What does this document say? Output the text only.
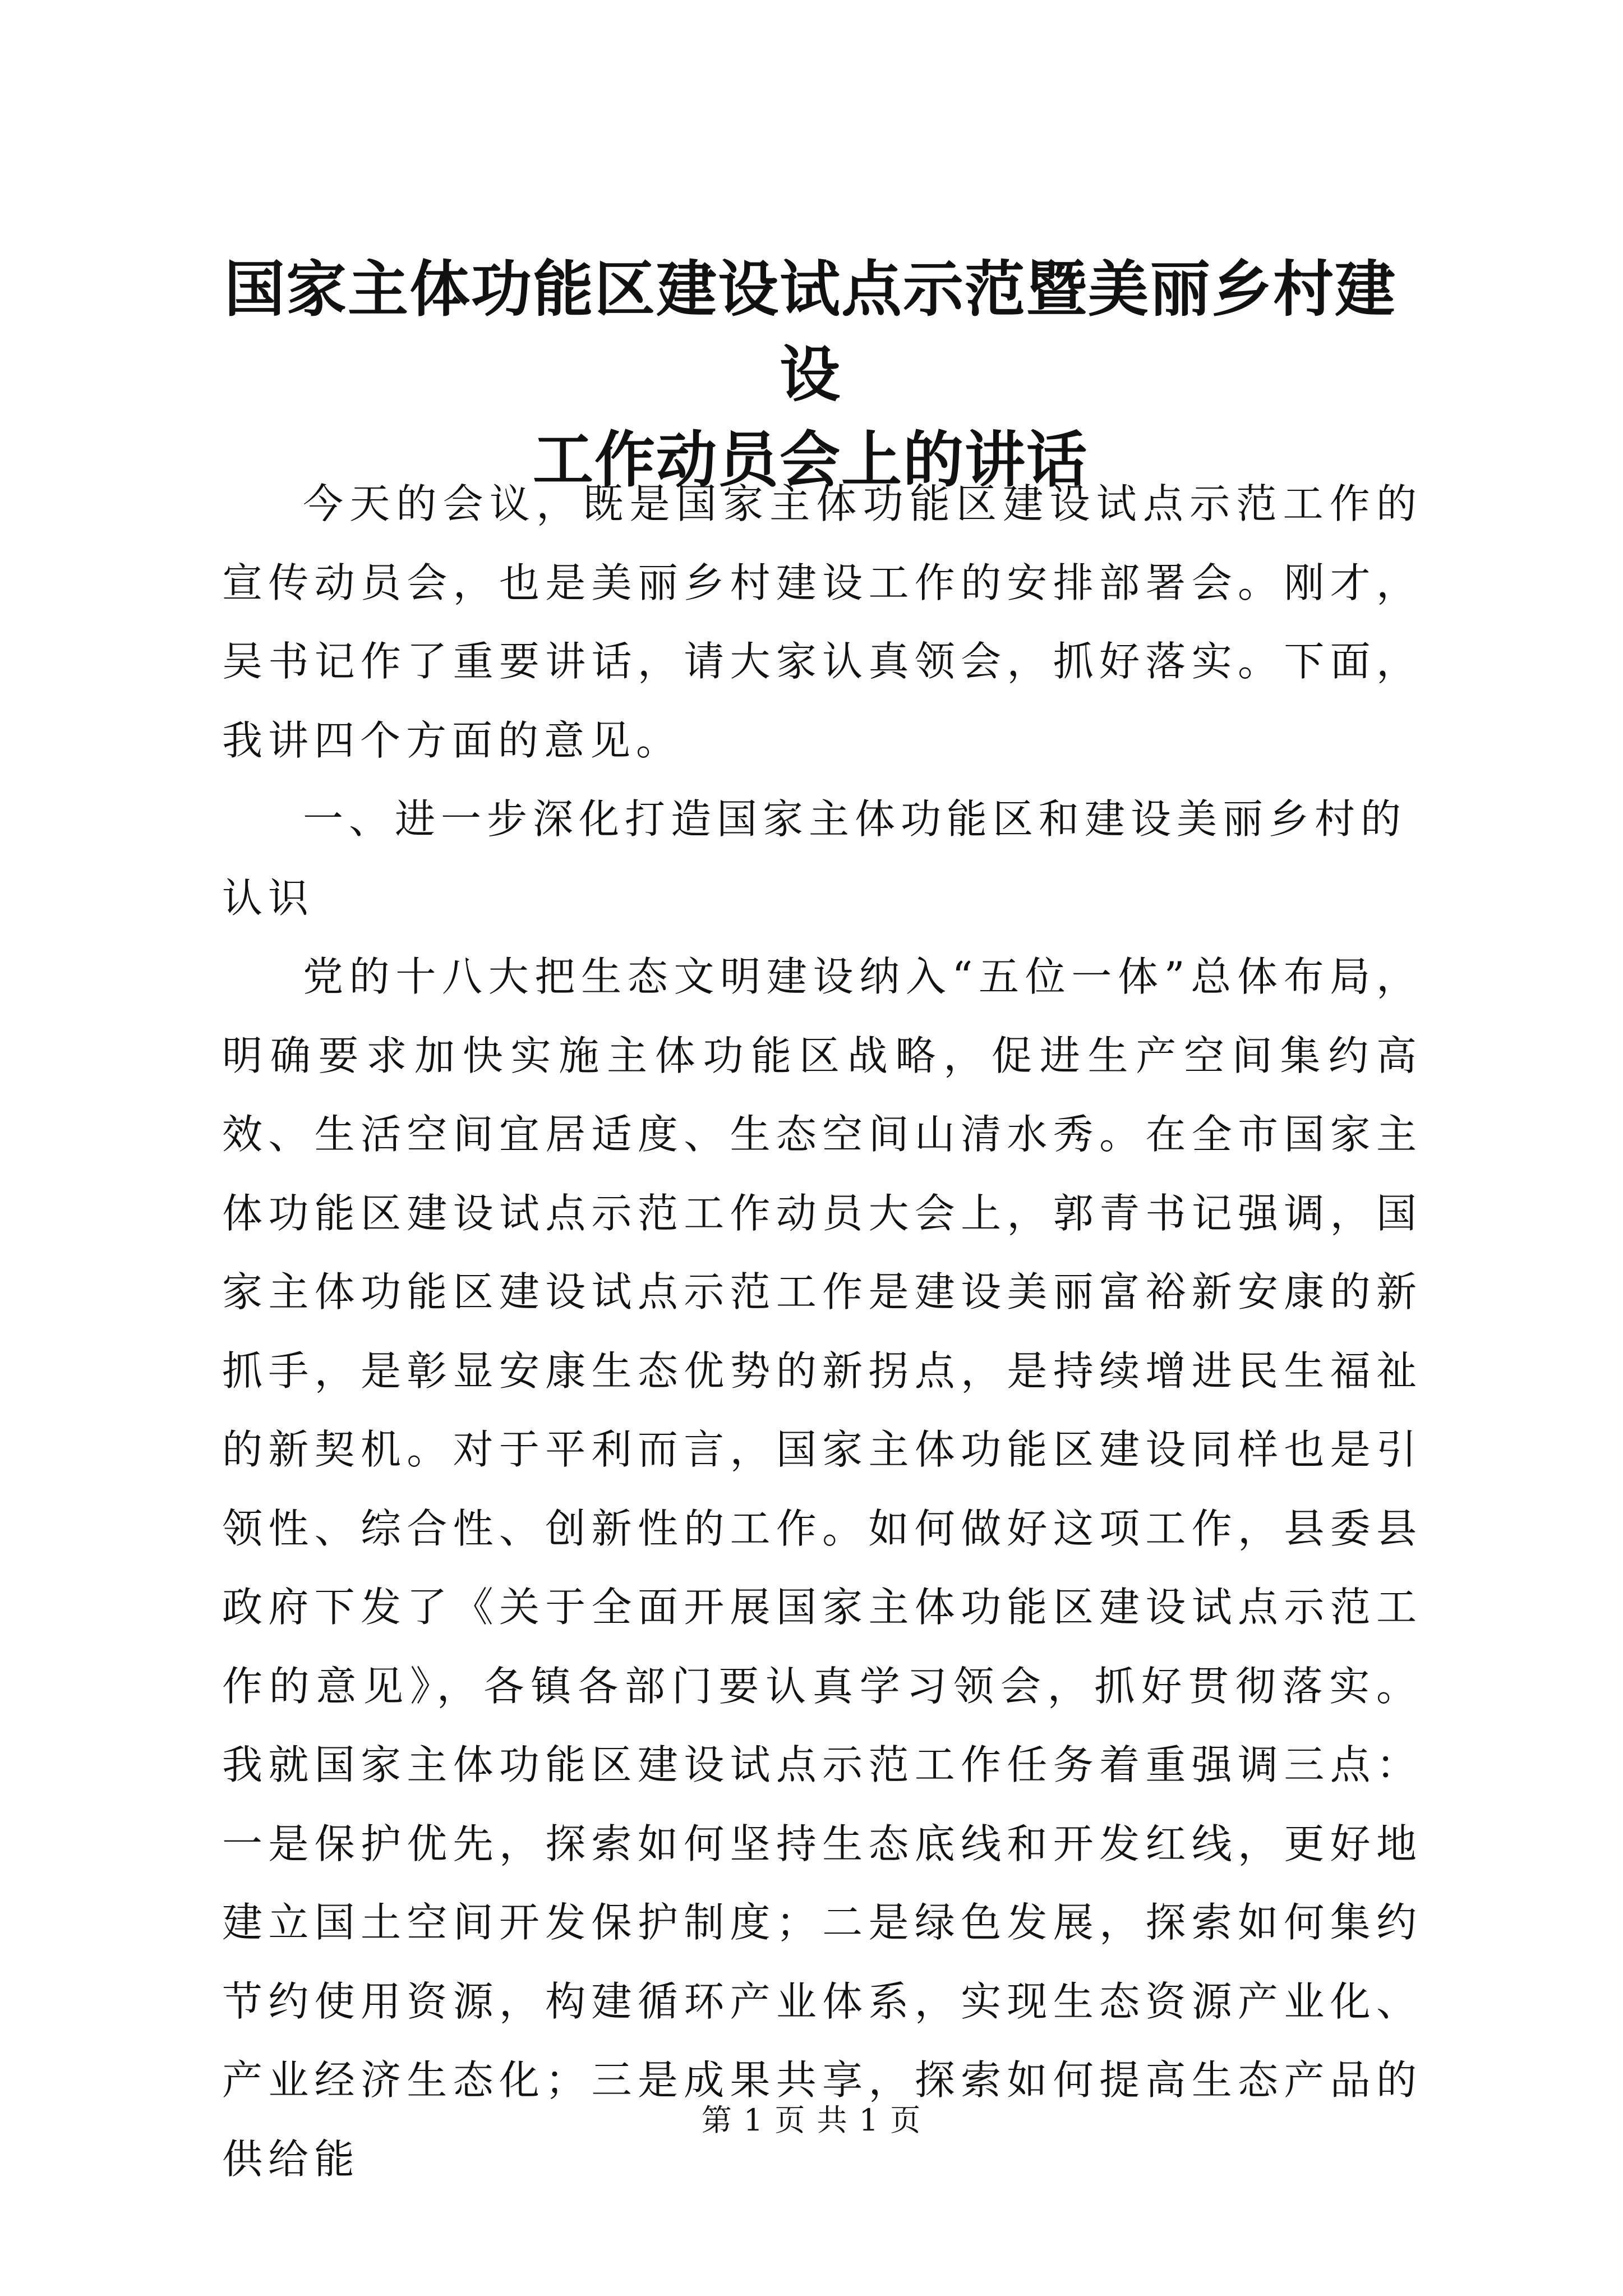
国家主体功能区建设试点示范暨美丽乡村建设
工作动员会上的讲话

今天的会议，既是国家主体功能区建设试点示范工作的宣传动员会，也是美丽乡村建设工作的安排部署会。刚才，吴书记作了重要讲话，请大家认真领会，抓好落实。下面，我讲四个方面的意见。

一、进一步深化打造国家主体功能区和建设美丽乡村的认识

党的十八大把生态文明建设纳入“五位一体”总体布局，明确要求加快实施主体功能区战略，促进生产空间集约高效、生活空间宜居适度、生态空间山清水秀。在全市国家主体功能区建设试点示范工作动员大会上，郭青书记强调，国家主体功能区建设试点示范工作是建设美丽富裕新安康的新抓手，是彰显安康生态优势的新拐点，是持续增进民生福祉的新契机。对于平利而言，国家主体功能区建设同样也是引领性、综合性、创新性的工作。如何做好这项工作，县委县政府下发了《关于全面开展国家主体功能区建设试点示范工作的意见》，各镇各部门要认真学习领会，抓好贯彻落实。我就国家主体功能区建设试点示范工作任务着重强调三点：一是保护优先，探索如何坚持生态底线和开发红线，更好地建立国土空间开发保护制度；二是绿色发展，探索如何集约节约使用资源，构建循环产业体系，实现生态资源产业化、产业经济生态化；三是成果共享，探索如何提高生态产品的供给能

第 1 页 共 1 页
